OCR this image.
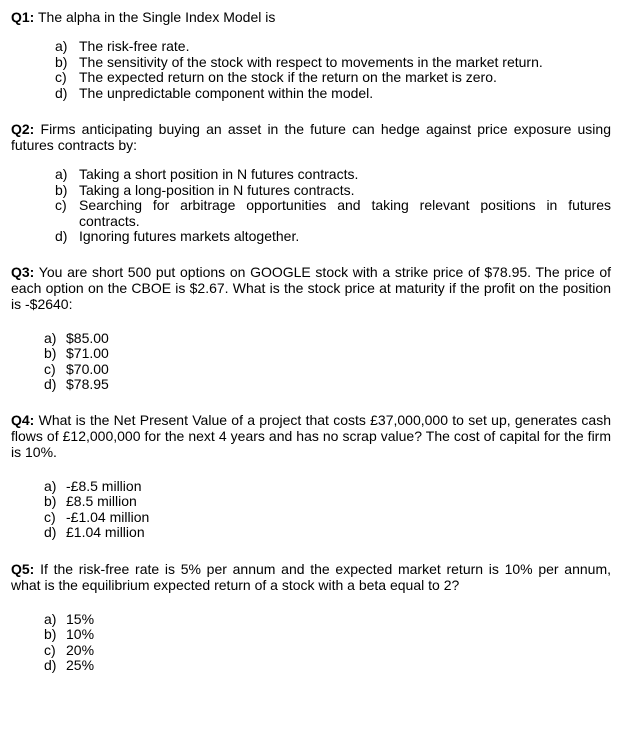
Q1: The alpha in the Single Index Model is
a) The risk-free rate.
b) The sensitivity of the stock with respect to movements in the market return.
c) The expected return on the stock if the return on the market is zero.
d) The unpredictable component within the model.
Q2: Firms anticipating buying an asset in the future can hedge against price exposure using futures contracts by:
a) Taking a short position in N futures contracts.
b) Taking a long-position in N futures contracts.
c) Searching for arbitrage opportunities and taking relevant positions in futures contracts.
d) Ignoring futures markets altogether.
Q3: You are short 500 put options on GOOGLE stock with a strike price of $78.95. The price of each option on the CBOE is $2.67. What is the stock price at maturity if the profit on the position is -$2640:
a) $85.00
b) $71.00
c) $70.00
d) $78.95
Q4: What is the Net Present Value of a project that costs £37,000,000 to set up, generates cash flows of £12,000,000 for the next 4 years and has no scrap value? The cost of capital for the firm is 10%.
a) -£8.5 million
b) £8.5 million
c) -£1.04 million
d) £1.04 million
Q5: If the risk-free rate is 5% per annum and the expected market return is 10% per annum, what is the equilibrium expected return of a stock with a beta equal to 2?
a) 15%
b) 10%
c) 20%
d) 25%
